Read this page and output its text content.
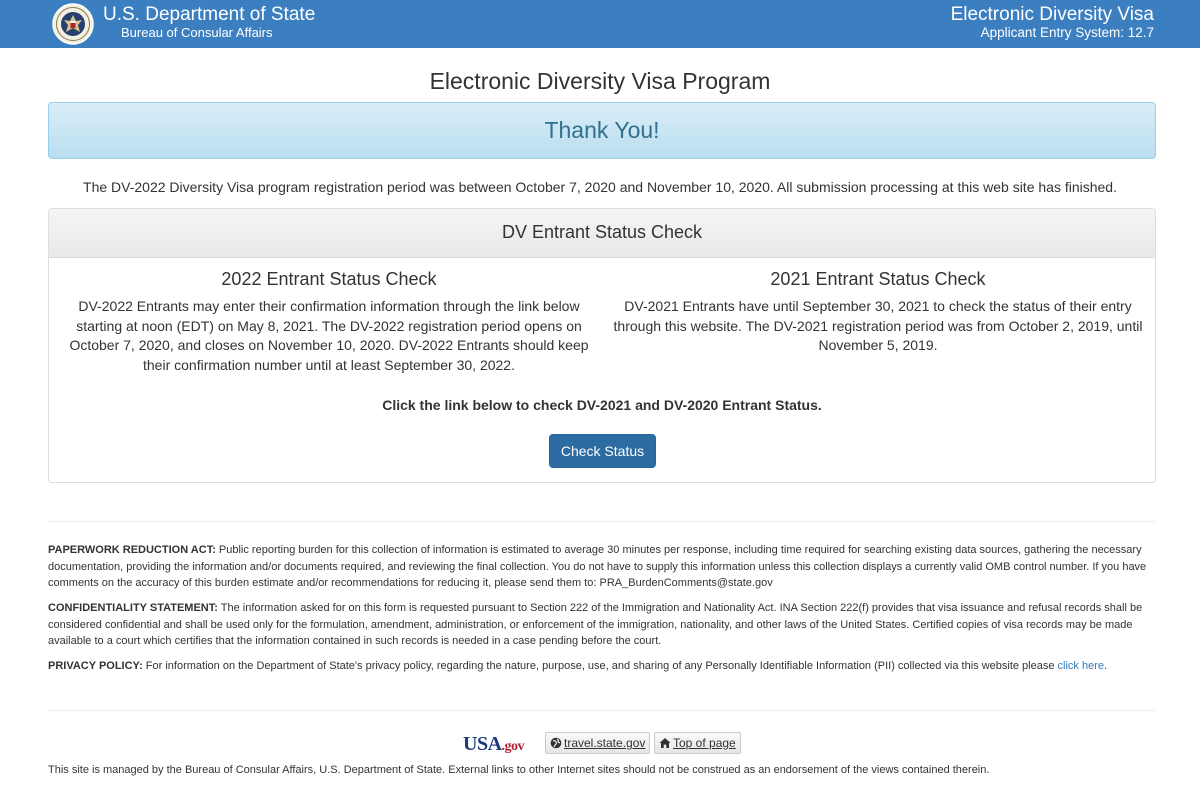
U.S. Department of State
Bureau of Consular Affairs
Electronic Diversity Visa
Applicant Entry System: 12.7
Electronic Diversity Visa Program
Thank You!

The DV-2022 Diversity Visa program registration period was between October 7, 2020 and November 10, 2020. All submission processing at this web site has finished.

DV Entrant Status Check
2022 Entrant Status Check
DV-2022 Entrants may enter their confirmation information through the link below starting at noon (EDT) on May 8, 2021. The DV-2022 registration period opens on October 7, 2020, and closes on November 10, 2020. DV-2022 Entrants should keep their confirmation number until at least September 30, 2022.
2021 Entrant Status Check
DV-2021 Entrants have until September 30, 2021 to check the status of their entry through this website. The DV-2021 registration period was from October 2, 2019, until November 5, 2019.
Click the link below to check DV-2021 and DV-2020 Entrant Status.
Check Status

PAPERWORK REDUCTION ACT: Public reporting burden for this collection of information is estimated to average 30 minutes per response, including time required for searching existing data sources, gathering the necessary documentation, providing the information and/or documents required, and reviewing the final collection. You do not have to supply this information unless this collection displays a currently valid OMB control number. If you have comments on the accuracy of this burden estimate and/or recommendations for reducing it, please send them to: PRA_BurdenComments@state.gov

CONFIDENTIALITY STATEMENT: The information asked for on this form is requested pursuant to Section 222 of the Immigration and Nationality Act. INA Section 222(f) provides that visa issuance and refusal records shall be considered confidential and shall be used only for the formulation, amendment, administration, or enforcement of the immigration, nationality, and other laws of the United States. Certified copies of visa records may be made available to a court which certifies that the information contained in such records is needed in a case pending before the court.

PRIVACY POLICY: For information on the Department of State's privacy policy, regarding the nature, purpose, use, and sharing of any Personally Identifiable Information (PII) collected via this website please click here.

USA.gov	travel.state.gov	Top of page

This site is managed by the Bureau of Consular Affairs, U.S. Department of State. External links to other Internet sites should not be construed as an endorsement of the views contained therein.
